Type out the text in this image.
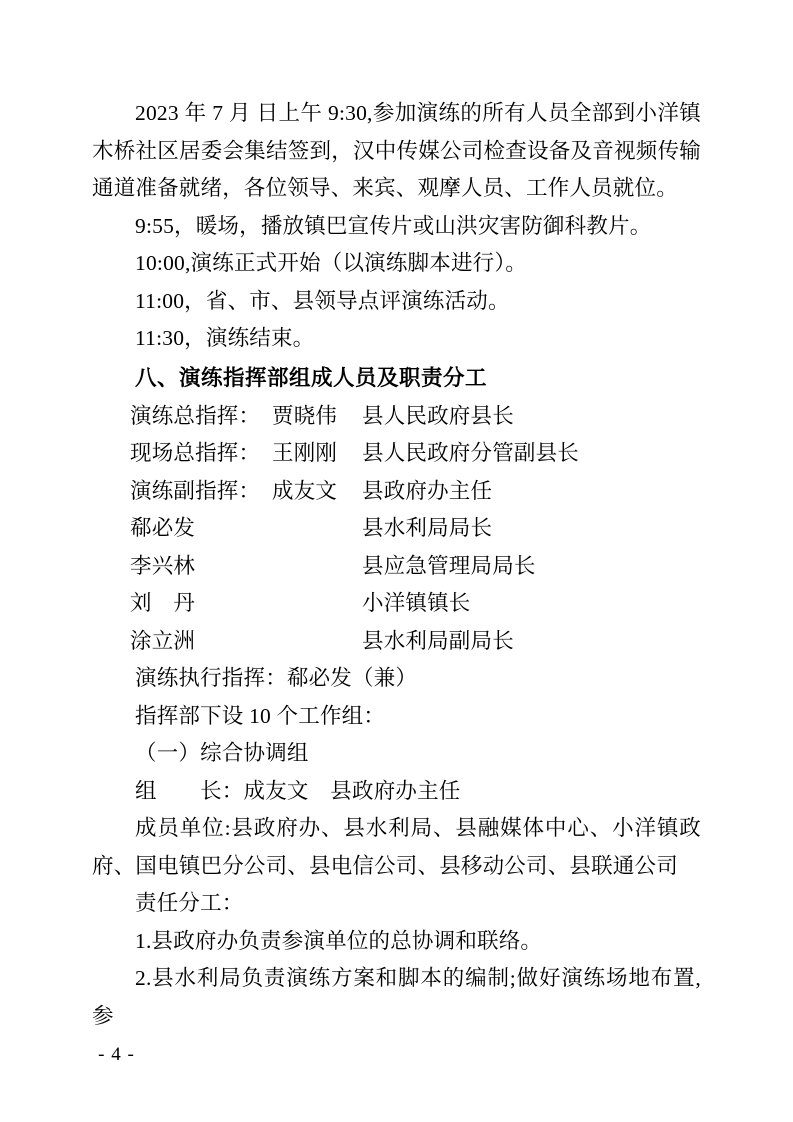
2023 年 7 月 日上午 9:30,参加演练的所有人员全部到小洋镇木桥社区居委会集结签到，汉中传媒公司检查设备及音视频传输通道准备就绪，各位领导、来宾、观摩人员、工作人员就位。

9:55，暖场，播放镇巴宣传片或山洪灾害防御科教片。

10:00,演练正式开始（以演练脚本进行）。

11:00，省、市、县领导点评演练活动。

11:30，演练结束。

八、演练指挥部组成人员及职责分工

演练总指挥： 贾晓伟 县人民政府县长

现场总指挥： 王刚刚 县人民政府分管副县长

演练副指挥： 成友文 县政府办主任

郗必发	县水利局局长

李兴林	县应急管理局局长

刘　丹	小洋镇镇长

涂立洲	县水利局副局长

演练执行指挥：郗必发（兼）

指挥部下设 10 个工作组：

（一）综合协调组

组　　长：成友文　县政府办主任

成员单位:县政府办、县水利局、县融媒体中心、小洋镇政府、国电镇巴分公司、县电信公司、县移动公司、县联通公司

责任分工：

1.县政府办负责参演单位的总协调和联络。

2.县水利局负责演练方案和脚本的编制;做好演练场地布置,参

- 4 -
